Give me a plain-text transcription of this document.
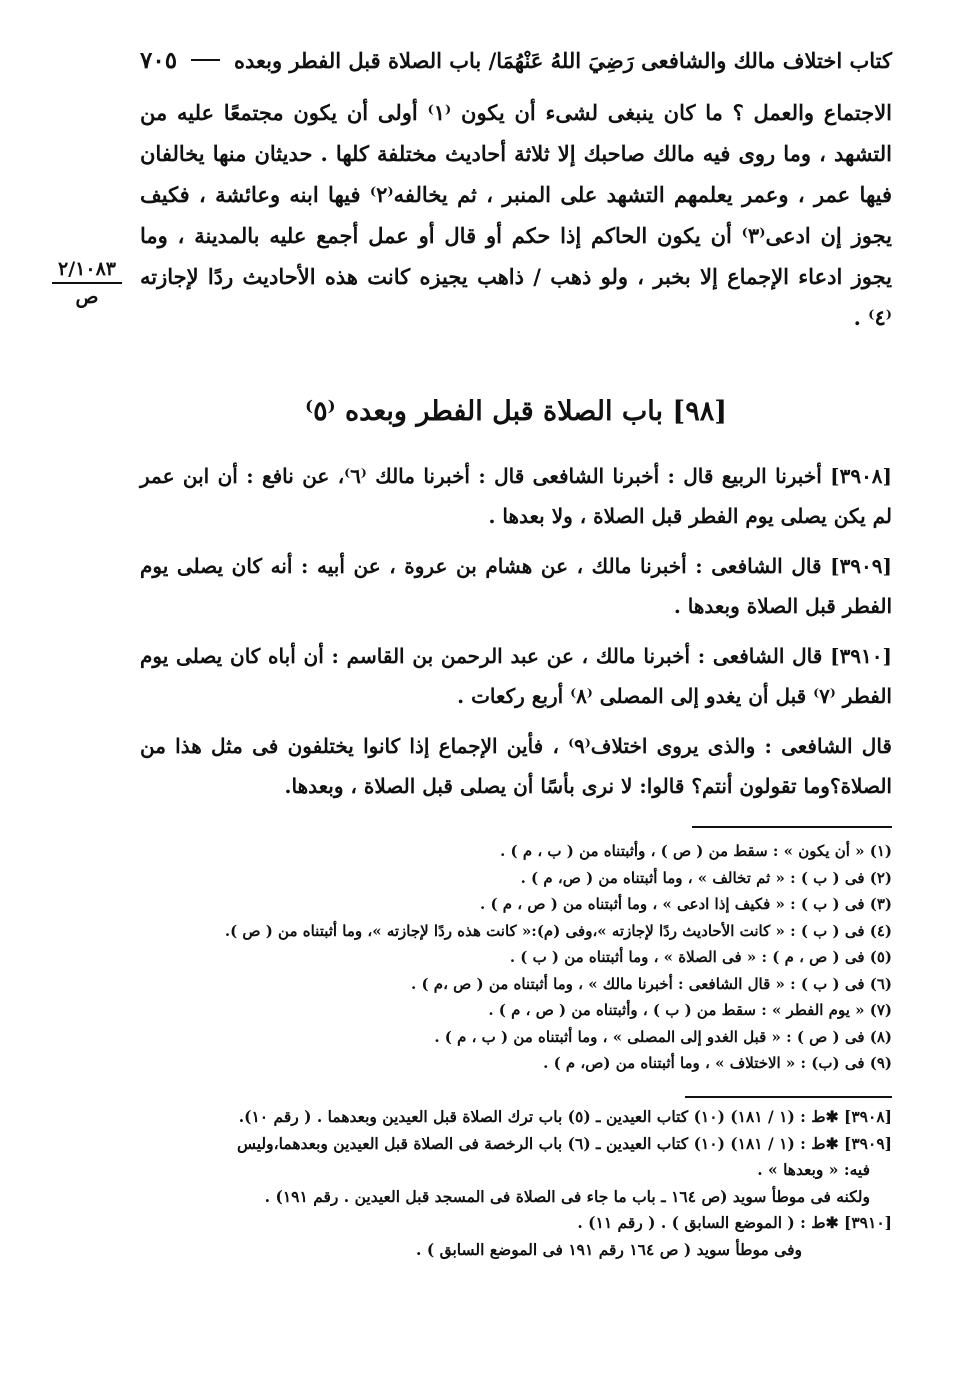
كتاب اختلاف مالك والشافعى رَضِيَ اللهُ عَنْهُمَا/ باب الصلاة قبل الفطر وبعده
٧٠٥
٢/١٠٨٣
ص
الاجتماع والعمل ؟ ما كان ينبغى لشىء أن يكون ⁽١⁾ أولى أن يكون مجتمعًا عليه من التشهد ، وما روى فيه مالك صاحبك إلا ثلاثة أحاديث مختلفة كلها . حديثان منها يخالفان فيها عمر ، وعمر يعلمهم التشهد على المنبر ، ثم يخالفه⁽٢⁾ فيها ابنه وعائشة ، فكيف يجوز إن ادعى⁽٣⁾ أن يكون الحاكم إذا حكم أو قال أو عمل أجمع عليه بالمدينة ، وما يجوز ادعاء الإجماع إلا بخبر ، ولو ذهب / ذاهب يجيزه كانت هذه الأحاديث ردًا لإجازته ⁽٤⁾ .
[٩٨] باب الصلاة قبل الفطر وبعده ⁽٥⁾
[٣٩٠٨] أخبرنا الربيع قال : أخبرنا الشافعى قال : أخبرنا مالك ⁽٦⁾، عن نافع : أن ابن عمر لم يكن يصلى يوم الفطر قبل الصلاة ، ولا بعدها .
[٣٩٠٩] قال الشافعى : أخبرنا مالك ، عن هشام بن عروة ، عن أبيه : أنه كان يصلى يوم الفطر قبل الصلاة وبعدها .
[٣٩١٠] قال الشافعى : أخبرنا مالك ، عن عبد الرحمن بن القاسم : أن أباه كان يصلى يوم الفطر ⁽٧⁾ قبل أن يغدو إلى المصلى ⁽٨⁾ أربع ركعات .
قال الشافعى : والذى يروى اختلاف⁽٩⁾ ، فأين الإجماع إذا كانوا يختلفون فى مثل هذا من الصلاة؟وما تقولون أنتم؟ قالوا: لا نرى بأسًا أن يصلى قبل الصلاة ، وبعدها.
(١) « أن يكون » : سقط من ( ص ) ، وأثبتناه من ( ب ، م ) .
(٢) فى ( ب ) : « ثم تخالف » ، وما أثبتناه من ( ص، م ) .
(٣) فى ( ب ) : « فكيف إذا ادعى » ، وما أثبتناه من ( ص ، م ) .
(٤) فى ( ب ) : « كانت الأحاديث ردًا لإجازته »،وفى (م):« كانت هذه ردًا لإجازته »، وما أثبتناه من ( ص ).
(٥) فى ( ص ، م ) : « فى الصلاة » ، وما أثبتناه من ( ب ) .
(٦) فى ( ب ) : « قال الشافعى : أخبرنا مالك » ، وما أثبتناه من ( ص ،م ) .
(٧) « يوم الفطر » : سقط من ( ب ) ، وأثبتناه من ( ص ، م ) .
(٨) فى ( ص ) : « قبل الغدو إلى المصلى » ، وما أثبتناه من ( ب ، م ) .
(٩) فى (ب) : « الاختلاف » ، وما أثبتناه من (ص، م ) .
[٣٩٠٨] ✱ط : (١ / ١٨١) (١٠) كتاب العيدين ـ (٥) باب ترك الصلاة قبل العيدين وبعدهما . ( رقم ١٠).
[٣٩٠٩] ✱ط : (١ / ١٨١) (١٠) كتاب العيدين ـ (٦) باب الرخصة فى الصلاة قبل العيدين وبعدهما،وليس
فيه: « وبعدها » .
ولكنه فى موطأ سويد (ص ١٦٤ ـ باب ما جاء فى الصلاة فى المسجد قبل العيدين . رقم ١٩١) .
[٣٩١٠] ✱ط : ( الموضع السابق ) . ( رقم ١١) .
وفى موطأ سويد ( ص ١٦٤ رقم ١٩١ فى الموضع السابق ) .
